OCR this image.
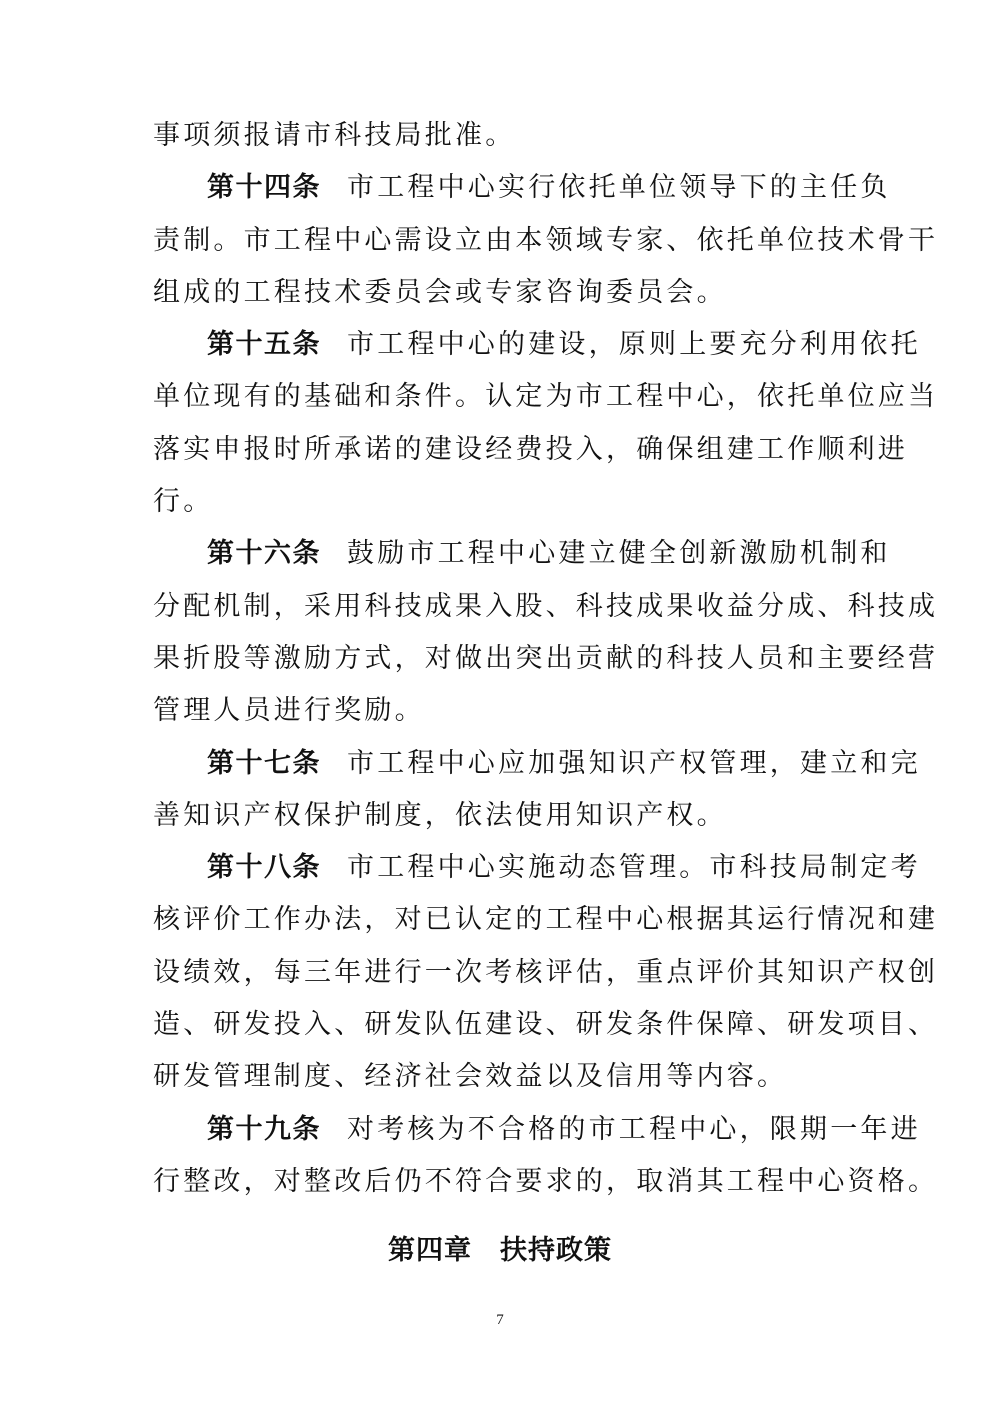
事项须报请市科技局批准。
第十四条 市工程中心实行依托单位领导下的主任负
责制。市工程中心需设立由本领域专家、依托单位技术骨干
组成的工程技术委员会或专家咨询委员会。
第十五条 市工程中心的建设，原则上要充分利用依托
单位现有的基础和条件。认定为市工程中心，依托单位应当
落实申报时所承诺的建设经费投入，确保组建工作顺利进
行。
第十六条 鼓励市工程中心建立健全创新激励机制和
分配机制，采用科技成果入股、科技成果收益分成、科技成
果折股等激励方式，对做出突出贡献的科技人员和主要经营
管理人员进行奖励。
第十七条 市工程中心应加强知识产权管理，建立和完
善知识产权保护制度，依法使用知识产权。
第十八条 市工程中心实施动态管理。市科技局制定考
核评价工作办法，对已认定的工程中心根据其运行情况和建
设绩效，每三年进行一次考核评估，重点评价其知识产权创
造、研发投入、研发队伍建设、研发条件保障、研发项目、
研发管理制度、经济社会效益以及信用等内容。
第十九条 对考核为不合格的市工程中心，限期一年进
行整改，对整改后仍不符合要求的，取消其工程中心资格。
第四章 扶持政策
7
